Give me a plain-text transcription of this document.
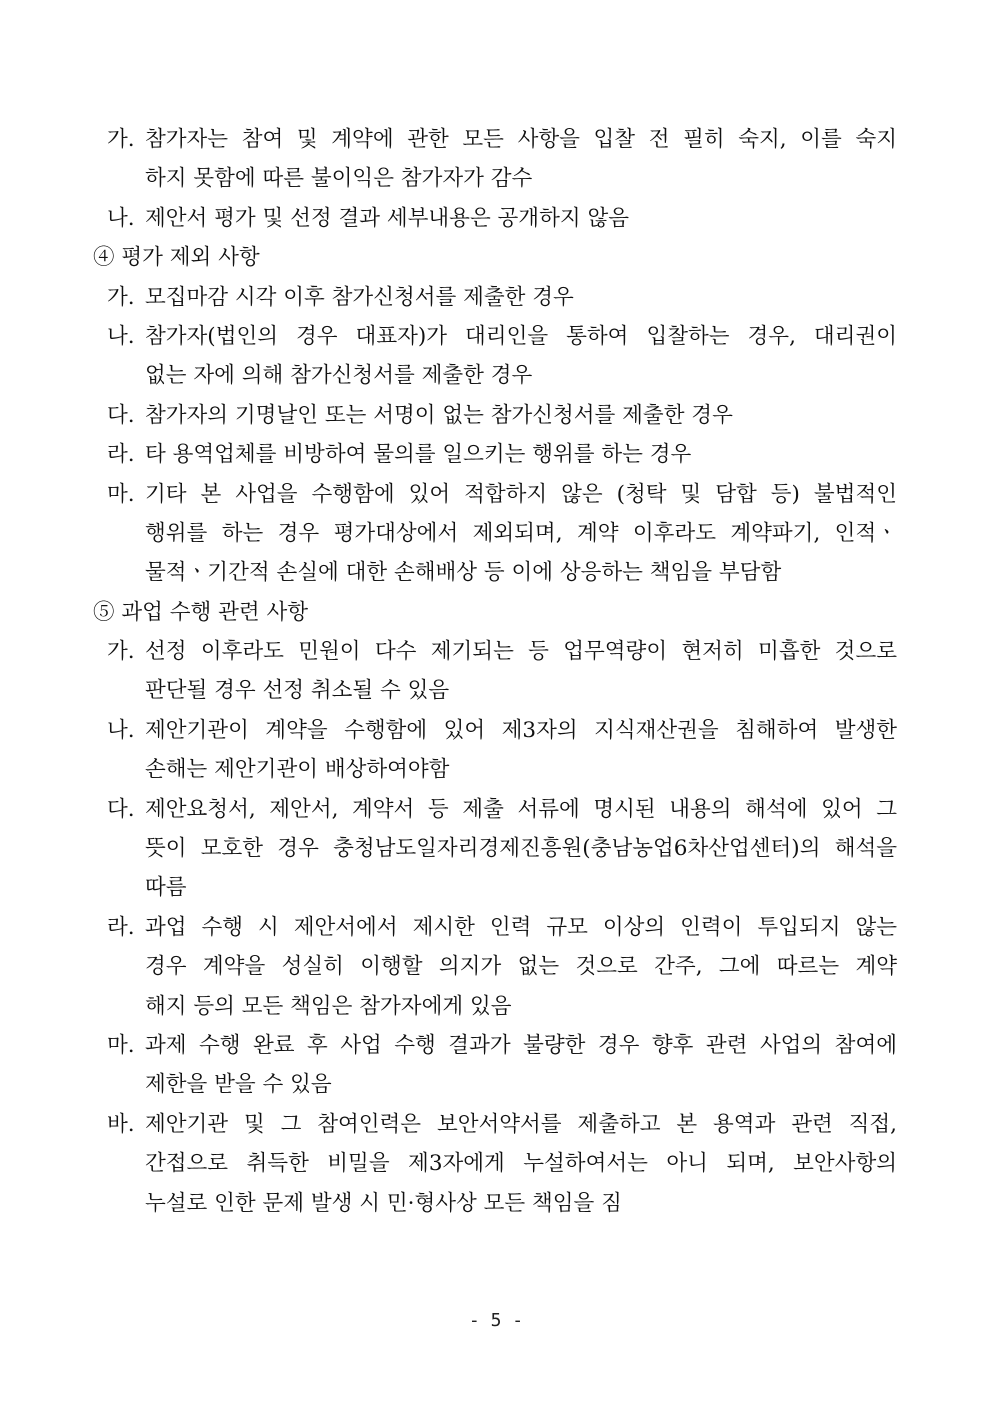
가. 참가자는 참여 및 계약에 관한 모든 사항을 입찰 전 필히 숙지, 이를 숙지
하지 못함에 따른 불이익은 참가자가 감수
나. 제안서 평가 및 선정 결과 세부내용은 공개하지 않음
④ 평가 제외 사항
가. 모집마감 시각 이후 참가신청서를 제출한 경우
나. 참가자(법인의 경우 대표자)가 대리인을 통하여 입찰하는 경우, 대리권이
없는 자에 의해 참가신청서를 제출한 경우
다. 참가자의 기명날인 또는 서명이 없는 참가신청서를 제출한 경우
라. 타 용역업체를 비방하여 물의를 일으키는 행위를 하는 경우
마. 기타 본 사업을 수행함에 있어 적합하지 않은 (청탁 및 담합 등) 불법적인
행위를 하는 경우 평가대상에서 제외되며, 계약 이후라도 계약파기, 인적ㆍ
물적ㆍ기간적 손실에 대한 손해배상 등 이에 상응하는 책임을 부담함
⑤ 과업 수행 관련 사항
가. 선정 이후라도 민원이 다수 제기되는 등 업무역량이 현저히 미흡한 것으로
판단될 경우 선정 취소될 수 있음
나. 제안기관이 계약을 수행함에 있어 제3자의 지식재산권을 침해하여 발생한
손해는 제안기관이 배상하여야함
다. 제안요청서, 제안서, 계약서 등 제출 서류에 명시된 내용의 해석에 있어 그
뜻이 모호한 경우 충청남도일자리경제진흥원(충남농업6차산업센터)의 해석을
따름
라. 과업 수행 시 제안서에서 제시한 인력 규모 이상의 인력이 투입되지 않는
경우 계약을 성실히 이행할 의지가 없는 것으로 간주, 그에 따르는 계약
해지 등의 모든 책임은 참가자에게 있음
마. 과제 수행 완료 후 사업 수행 결과가 불량한 경우 향후 관련 사업의 참여에
제한을 받을 수 있음
바. 제안기관 및 그 참여인력은 보안서약서를 제출하고 본 용역과 관련 직접,
간접으로 취득한 비밀을 제3자에게 누설하여서는 아니 되며, 보안사항의
누설로 인한 문제 발생 시 민·형사상 모든 책임을 짐
- 5 -
